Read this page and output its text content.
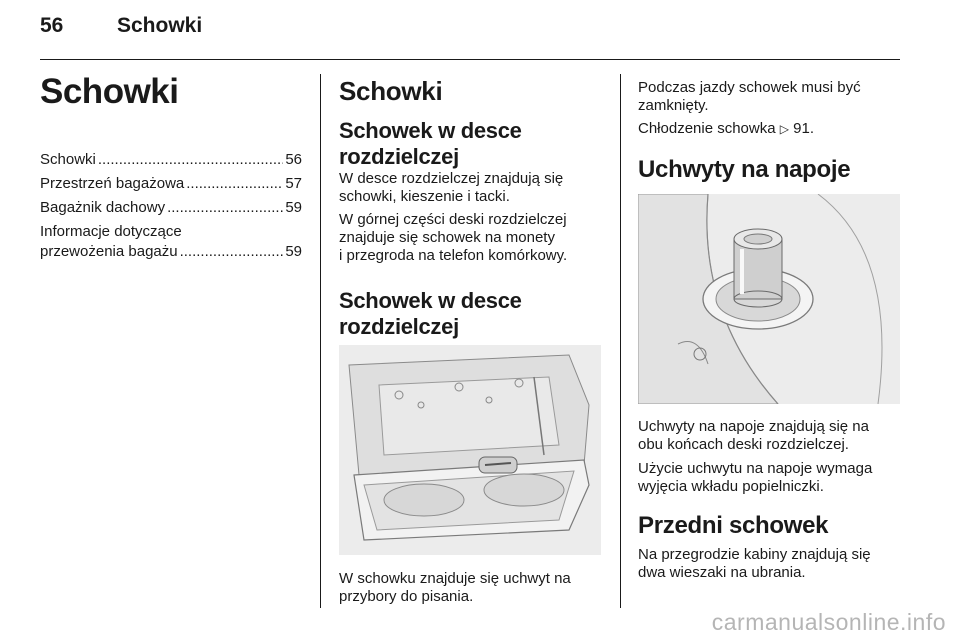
56	Schowki
Schowki
Schowki .....	56
Przestrzeń bagażowa .....	57
Bagażnik dachowy .....	59
Informacje dotyczące
przewożenia bagażu .....	59
Schowki
Schowek w desce
rozdzielczej
W desce rozdzielczej znajdują się
schowki, kieszenie i tacki.
W górnej części deski rozdzielczej
znajduje się schowek na monety
i przegroda na telefon komórkowy.
Schowek w desce
rozdzielczej
W schowku znajduje się uchwyt na
przybory do pisania.
Podczas jazdy schowek musi być
zamknięty.
Chłodzenie schowka ▷ 91.
Uchwyty na napoje
Uchwyty na napoje znajdują się na
obu końcach deski rozdzielczej.
Użycie uchwytu na napoje wymaga
wyjęcia wkładu popielniczki.
Przedni schowek
Na przegrodzie kabiny znajdują się
dwa wieszaki na ubrania.
carmanualsonline.info
